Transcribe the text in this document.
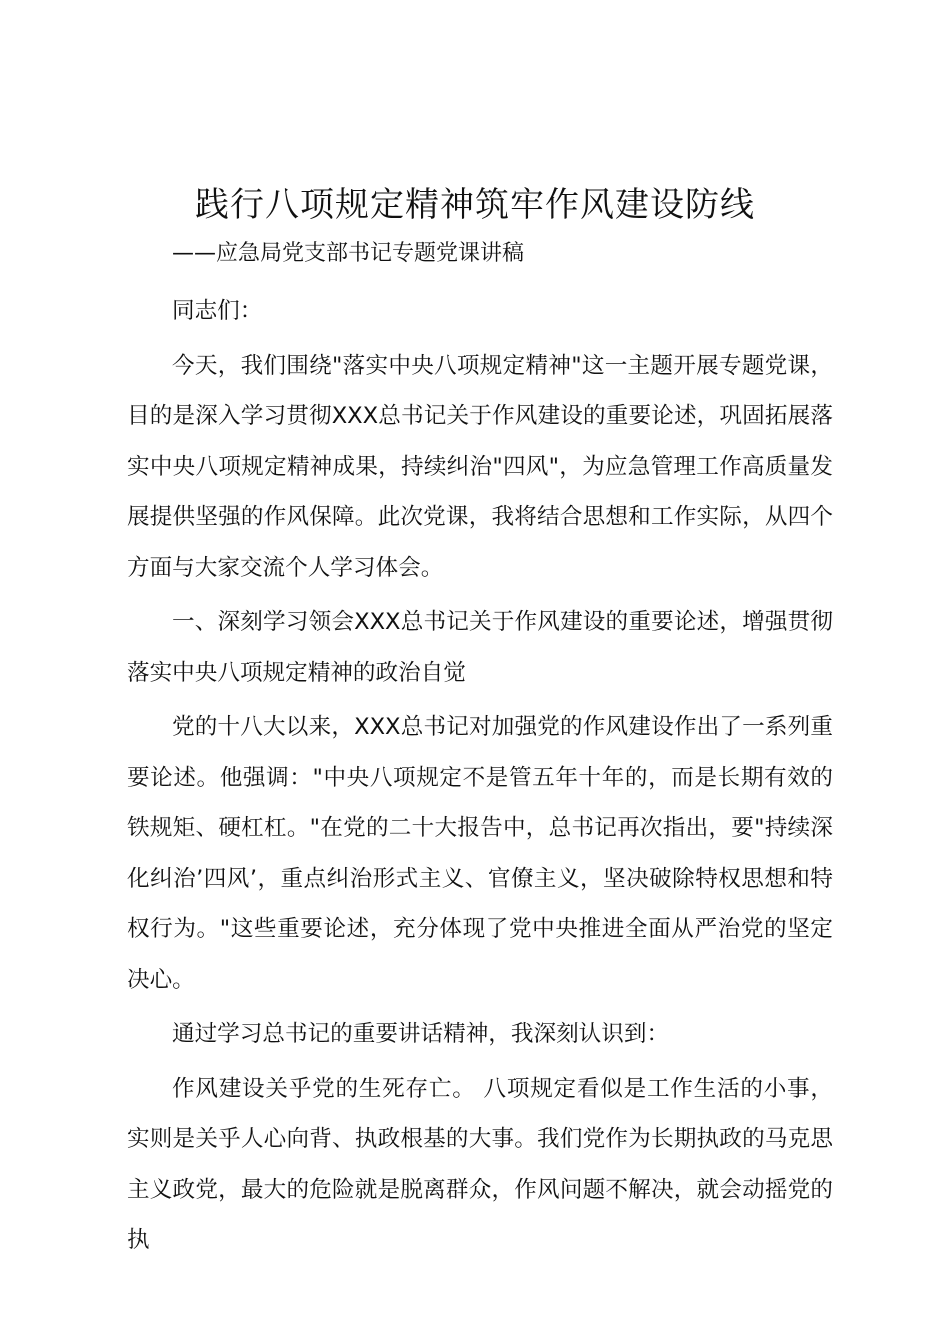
践行八项规定精神筑牢作风建设防线
——应急局党支部书记专题党课讲稿

同志们：

今天，我们围绕"落实中央八项规定精神"这一主题开展专题党课，目的是深入学习贯彻XXX总书记关于作风建设的重要论述，巩固拓展落实中央八项规定精神成果，持续纠治"四风"，为应急管理工作高质量发展提供坚强的作风保障。此次党课，我将结合思想和工作实际，从四个方面与大家交流个人学习体会。

一、深刻学习领会XXX总书记关于作风建设的重要论述，增强贯彻落实中央八项规定精神的政治自觉

党的十八大以来，XXX总书记对加强党的作风建设作出了一系列重要论述。他强调："中央八项规定不是管五年十年的，而是长期有效的铁规矩、硬杠杠。"在党的二十大报告中，总书记再次指出，要"持续深化纠治’四风’，重点纠治形式主义、官僚主义，坚决破除特权思想和特权行为。"这些重要论述，充分体现了党中央推进全面从严治党的坚定决心。

通过学习总书记的重要讲话精神，我深刻认识到：

作风建设关乎党的生死存亡。 八项规定看似是工作生活的小事，实则是关乎人心向背、执政根基的大事。我们党作为长期执政的马克思主义政党，最大的危险就是脱离群众，作风问题不解决，就会动摇党的执
